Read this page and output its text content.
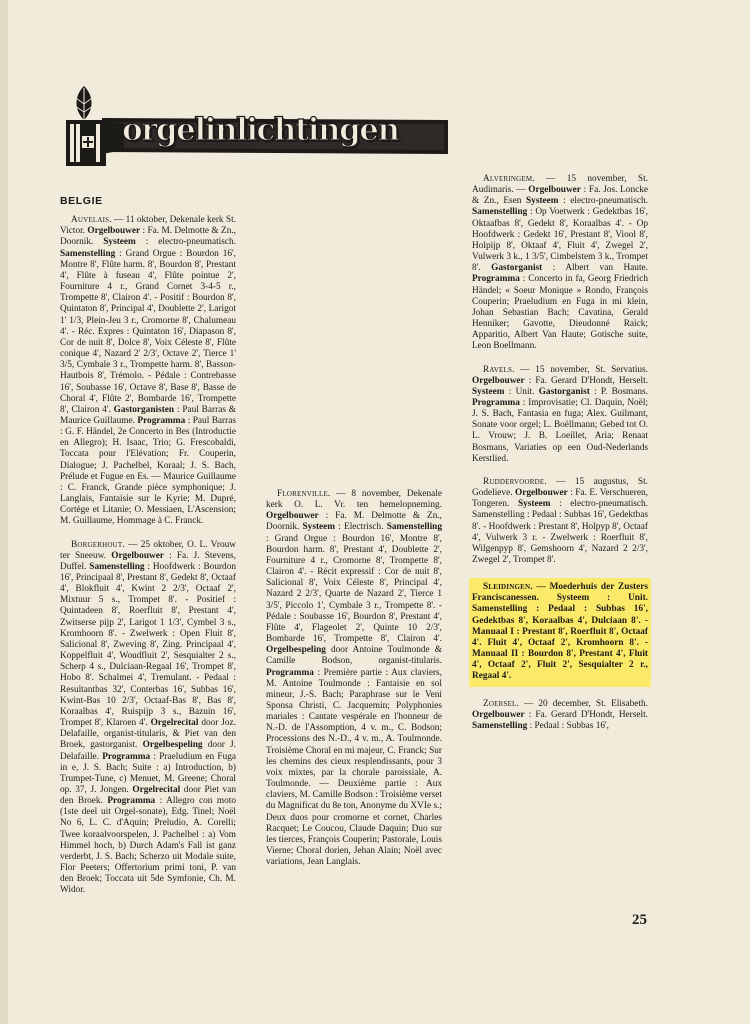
orgelinlichtingen
BELGIE

Auvelais. — 11 oktober, Dekenale kerk St. Victor. Orgelbouwer : Fa. M. Delmotte & Zn., Doornik. Systeem : electro-pneumatisch. Samenstelling : Grand Orgue : Bourdon 16', Montre 8', Flûte harm. 8', Bourdon 8', Prestant 4', Flûte à fuseau 4', Flûte pointue 2', Fourniture 4 r., Grand Cornet 3-4-5 r., Trompette 8', Clairon 4'. - Positif : Bourdon 8', Quintaton 8', Principal 4', Doublette 2', Larigot 1' 1/3, Plein-Jeu 3 r., Cromorne 8', Chalumeau 4'. - Réc. Expres : Quintaton 16', Diapason 8', Cor de nuit 8', Dolce 8', Voix Céleste 8', Flûte conique 4', Nazard 2' 2/3', Octave 2', Tierce 1' 3/5, Cymbale 3 r., Trompette harm. 8', Basson-Hautbois 8', Trémolo. - Pédale : Contrebasse 16', Soubasse 16', Octave 8', Base 8', Basse de Choral 4', Flûte 2', Bombarde 16', Trompette 8', Clairon 4'. Gastorganisten : Paul Barras & Maurice Guillaume. Programma : Paul Barras : G. F. Händel, 2e Concerto in Bes (Introductie en Allegro); H. Isaac, Trio; G. Frescobaldi, Toccata pour l'Elévation; Fr. Couperin, Dialogue; J. Pachelbel, Koraal; J. S. Bach, Prélude et Fugue en Es. — Maurice Guillaume : C. Franck, Grande pièce symphonique; J. Langlais, Fantaisie sur le Kyrie; M. Dupré, Cortège et Litanie; O. Messiaen, L'Ascension; M. Guillaume, Hommage à C. Franck.

Borgerhout. — 25 oktober, O. L. Vrouw ter Sneeuw. Orgelbouwer : Fa. J. Stevens, Duffel. Samenstelling : Hoofdwerk : Bourdon 16', Principaal 8', Prestant 8', Gedekt 8', Octaaf 4', Blokfluit 4', Kwint 2 2/3', Octaaf 2', Mixtuur 5 s., Trompet 8'. - Positief : Quintadeen 8', Roerfluit 8', Prestant 4', Zwitserse pijp 2', Larigot 1 1/3', Cymbel 3 s., Kromhoorn 8'. - Zwelwerk : Open Fluit 8', Salicional 8', Zweving 8', Zing. Principaal 4', Koppelfluit 4', Woudfluit 2', Sesquialter 2 s., Scherp 4 s., Dulciaan-Regaal 16', Trompet 8', Hobo 8'. Schalmei 4', Tremulant. - Pedaal : Resultantbas 32', Conterbas 16', Subbas 16', Kwint-Bas 10 2/3', Octaaf-Bas 8', Bas 8', Koraalbas 4', Ruispijp 3 s., Bazuin 16', Trompet 8', Klaroen 4'. Orgelrecital door Joz. Delafaille, organist-titularis, & Piet van den Broek, gastorganist. Orgelbespeling door J. Delafaille. Programma : Praeludium en Fuga in e, J. S. Bach; Suite : a) Introduction, b) Trumpet-Tune, c) Menuet, M. Greene; Choral op. 37, J. Jongen. Orgelrecital door Piet van den Broek. Programma : Allegro con moto (1ste deel uit Orgel-sonate), Edg. Tinel; Noël No 6, L. C. d'Aquin; Preludio, A. Corelli; Twee koraalvoorspelen, J. Pachelbel : a) Vom Himmel hoch, b) Durch Adam's Fall ist ganz verderbt, J. S. Bach; Scherzo uit Modale suite, Flor Peeters; Offertorium primi toni, P. van den Broek; Toccata uit 5de Symfonie, Ch. M. Widor.

Florenville. — 8 november, Dekenale kerk O. L. Vr. ten hemelopneming. Orgelbouwer : Fa. M. Delmotte & Zn., Doornik. Systeem : Electrisch. Samenstelling : Grand Orgue : Bourdon 16', Montre 8', Bourdon harm. 8', Prestant 4', Doublette 2', Fourniture 4 r., Cromorne 8', Trompette 8', Clairon 4'. - Récit expressif : Cor de nuit 8', Salicional 8', Voix Céleste 8', Principal 4', Nazard 2 2/3', Quarte de Nazard 2', Tierce 1 3/5', Piccolo 1', Cymbale 3 r., Trompette 8'. - Pédale : Soubasse 16', Bourdon 8', Prestant 4', Flûte 4', Flageolet 2', Quinte 10 2/3', Bombarde 16', Trompette 8', Clairon 4'. Orgelbespeling door Antoine Toulmonde & Camille Bodson, organist-titularis. Programma : Première partie : Aux claviers, M. Antoine Toulmonde : Fantaisie en sol mineur, J.-S. Bach; Paraphrase sur le Veni Sponsa Christi, C. Jacquemin; Polyphonies mariales : Cantate vespérale en l'honneur de N.-D. de l'Assomption, 4 v. m., C. Bodson; Processions des N.-D., 4 v. m., A. Toulmonde. Troisième Choral en mi majeur, C. Franck; Sur les chemins des cieux resplendissants, pour 3 voix mixtes, par la chorale paroissiale, A. Toulmonde. — Deuxième partie : Aux claviers, M. Camille Bodson : Troisième verset du Magnificat du 8e ton, Anonyme du XVIe s.; Deux duos pour cromorne et cornet, Charles Racquet; Le Coucou, Claude Daquin; Duo sur les tierces, François Couperin; Pastorale, Louis Vierne; Choral dorien, Jehan Alain; Noël avec variations, Jean Langlais.

Alveringem. — 15 november, St. Audimaris. — Orgelbouwer : Fa. Jos. Loncke & Zn., Esen Systeem : electro-pneumatisch. Samenstelling : Op Voetwerk : Gedektbas 16', Oktaafbas 8', Gedekt 8', Koraalbas 4'. - Op Hoofdwerk : Gedekt 16', Prestant 8', Viool 8', Holpijp 8', Oktaaf 4', Fluit 4', Zwegel 2', Vulwerk 3 k., 1 3/5', Cimbelstem 3 k., Trompet 8'. Gastorganist : Albert van Haute. Programma : Concerto in fa, Georg Friedrich Händel; « Soeur Monique » Rondo, François Couperin; Praeludium en Fuga in mi klein, Johan Sebastian Bach; Cavatina, Gerald Henniker; Gavotte, Dieudonné Raick; Apparitio, Albert Van Haute; Gotische suite, Leon Boellmann.

Ravels. — 15 november, St. Servatius. Orgelbouwer : Fa. Gerard D'Hondt, Herselt. Systeem : Unit. Gastorganist : P. Bosmans. Programma : Improvisatie; Cl. Daquin, Noël; J. S. Bach, Fantasia en fuga; Alex. Guilmant, Sonate voor orgel; L. Boëllmann; Gebed tot O. L. Vrouw; J. B. Loeillet, Aria; Renaat Bosmans, Variaties op een Oud-Nederlands Kerstlied.

Ruddervoorde. — 15 augustus, St. Godelieve. Orgelbouwer : Fa. E. Verschueren, Tongeren. Systeem : electro-pneumatisch. Samenstelling : Pedaal : Subbas 16', Gedektbas 8'. - Hoofdwerk : Prestant 8', Holpyp 8', Octaaf 4', Vulwerk 3 r. - Zwelwerk : Roerfluit 8', Wilgenpyp 8', Gemshoorn 4', Nazard 2 2/3', Zwegel 2', Trompet 8'.

Sleidingen. — Moederhuis der Zusters Franciscanessen. Systeem : Unit. Samenstelling : Pedaal : Subbas 16', Gedektbas 8', Koraalbas 4', Dulciaan 8'. - Manuaal I : Prestant 8', Roerfluit 8', Octaaf 4'. Fluit 4', Octaaf 2', Kromhoorn 8'. - Manuaal II : Bourdon 8', Prestant 4', Fluit 4', Octaaf 2', Fluit 2', Sesquialter 2 r., Regaal 4'.

Zoersel. — 20 december, St. Elisabeth. Orgelbouwer : Fa. Gerard D'Hondt, Herselt. Samenstelling : Pedaal : Subbas 16',

25
